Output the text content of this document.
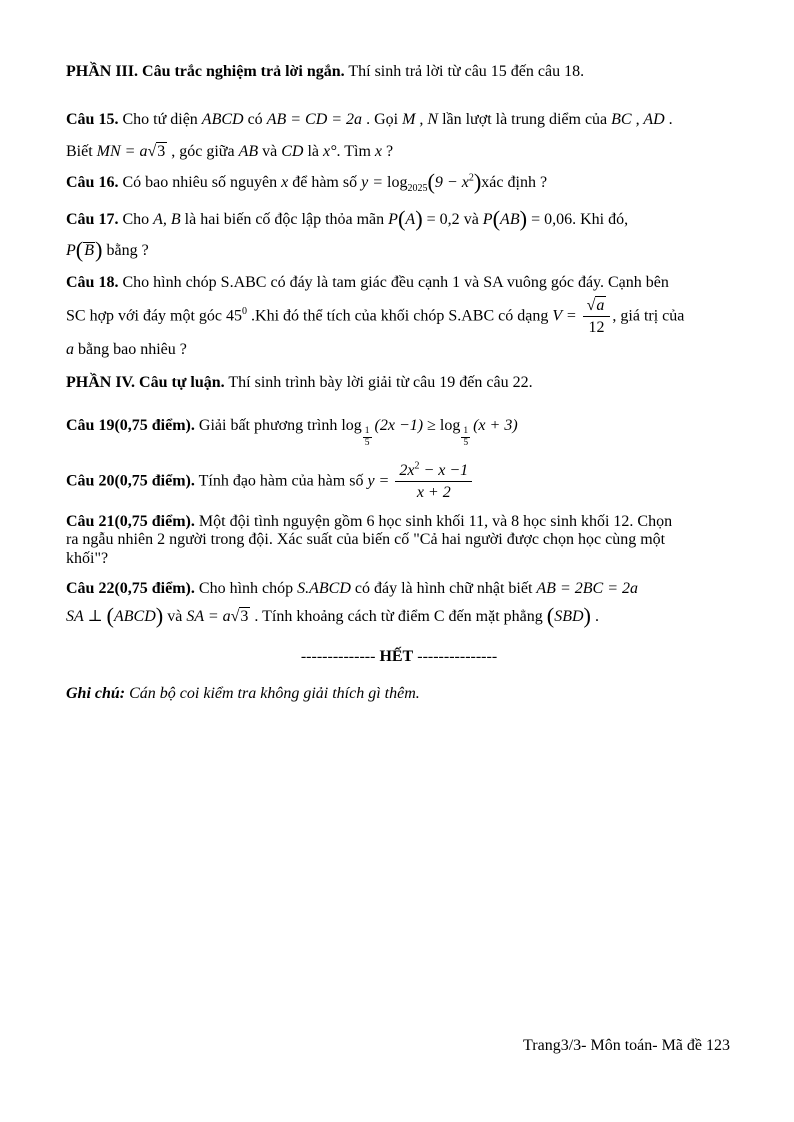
PHẦN III. Câu trắc nghiệm trả lời ngắn. Thí sinh trả lời từ câu 15 đến câu 18.
Câu 15. Cho tứ diện ABCD có AB = CD = 2a . Gọi M , N lần lượt là trung diểm của BC , AD .
Biết MN = a√3 , góc giữa AB và CD là x°. Tìm x ?
Câu 16. Có bao nhiêu số nguyên x để hàm số $y = \log_{2025}(9$ − $x^2)xác$ định ?
Câu 17. Cho A, B là hai biến cố độc lập thỏa mãn P(A) = 0,2 và P(AB) = 0,06. Khi đó,
P(B) bằng ?
Câu 18. Cho hình chóp S.ABC có đáy là tam giác đều cạnh 1 và SA vuông góc đáy. Cạnh bên
SC hợp với đáy một góc $45^0$ .Khi đó thể tích của khối chóp S.ABC có dạng $V = \frac{√a}{12}$ , giá trị của
a bằng bao nhiêu ?
PHẦN IV. Câu tự luận. Thí sinh trình bày lời giải từ câu 19 đến câu 22.
Câu 19(0,75 điểm). Giải bất phương trình log
$\frac{1}{5}$
(2x −1) ≥ log
$\frac{1}{5}$
(x + 3)
Câu 20(0,75 điểm). Tính đạo hàm của hàm số $y = \frac{2x^2 - x -1}{x + 2}$
Câu 21(0,75 điểm). Một đội tình nguyện gồm 6 học sinh khối 11, và 8 học sinh khối 12. Chọn
ra ngẫu nhiên 2 người trong đội. Xác suất của biến cố "Cả hai người được chọn học cùng một
khối"?
Câu 22(0,75 điểm). Cho hình chóp S.ABCD có đáy là hình chữ nhật biết AB = 2BC = 2a
SA ⊥ (ABCD) và SA = a√3 . Tính khoảng cách từ điểm C đến mặt phẳng (SBD) .
-------------- HẾT ---------------
Ghi chú: Cán bộ coi kiểm tra không giải thích gì thêm.
Trang3/3- Môn toán- Mã đề 123
